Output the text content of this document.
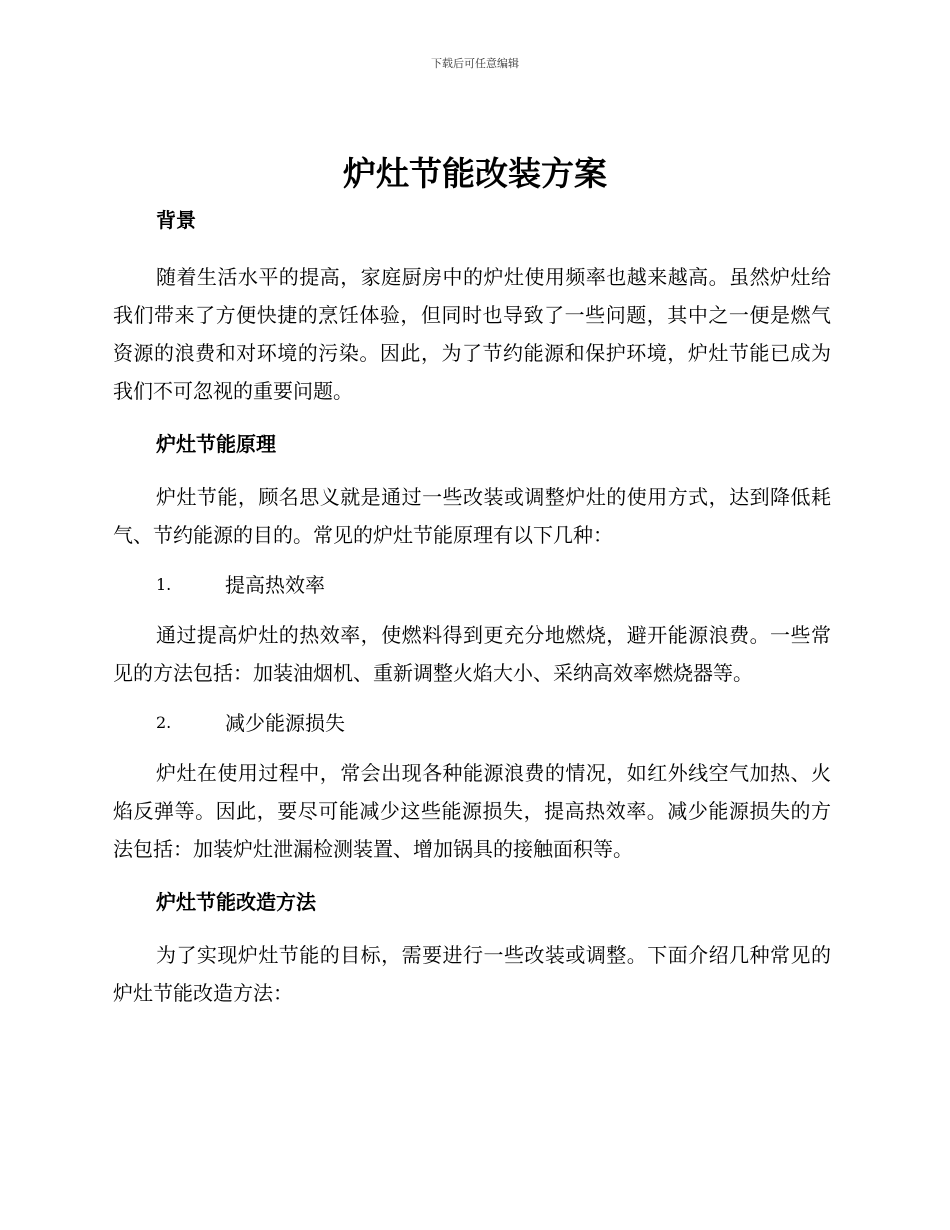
下载后可任意编辑
炉灶节能改装方案

背景

随着生活水平的提高，家庭厨房中的炉灶使用频率也越来越高。虽然炉灶给我们带来了方便快捷的烹饪体验，但同时也导致了一些问题，其中之一便是燃气资源的浪费和对环境的污染。因此，为了节约能源和保护环境，炉灶节能已成为我们不可忽视的重要问题。

炉灶节能原理

炉灶节能，顾名思义就是通过一些改装或调整炉灶的使用方式，达到降低耗气、节约能源的目的。常见的炉灶节能原理有以下几种：

1.	提高热效率

通过提高炉灶的热效率，使燃料得到更充分地燃烧，避开能源浪费。一些常见的方法包括：加装油烟机、重新调整火焰大小、采纳高效率燃烧器等。

2.	减少能源损失

炉灶在使用过程中，常会出现各种能源浪费的情况，如红外线空气加热、火焰反弹等。因此，要尽可能减少这些能源损失，提高热效率。减少能源损失的方法包括：加装炉灶泄漏检测装置、增加锅具的接触面积等。

炉灶节能改造方法

为了实现炉灶节能的目标，需要进行一些改装或调整。下面介绍几种常见的炉灶节能改造方法：
